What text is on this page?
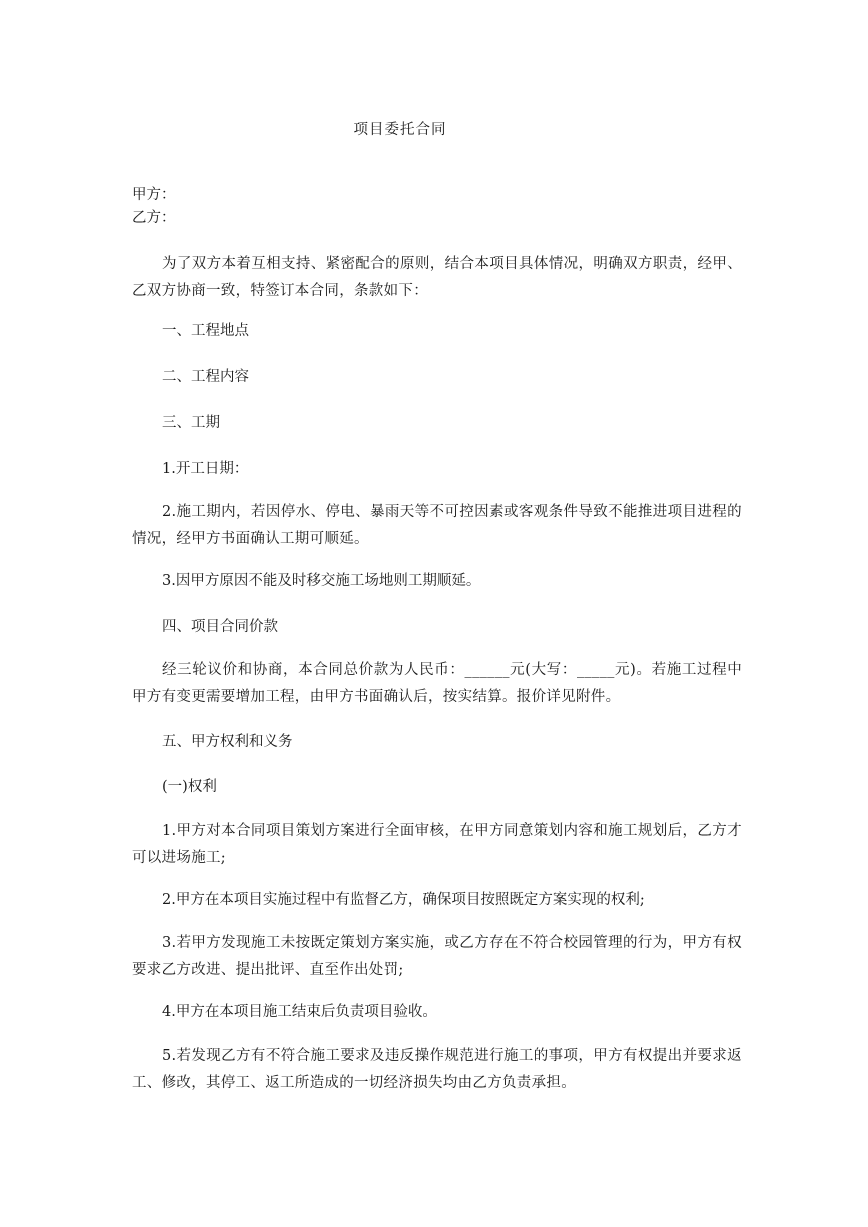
项目委托合同
甲方：
乙方：
为了双方本着互相支持、紧密配合的原则，结合本项目具体情况，明确双方职责，经甲、乙双方协商一致，特签订本合同，条款如下：
一、工程地点
二、工程内容
三、工期
1.开工日期：
2.施工期内，若因停水、停电、暴雨天等不可控因素或客观条件导致不能推进项目进程的情况，经甲方书面确认工期可顺延。
3.因甲方原因不能及时移交施工场地则工期顺延。
四、项目合同价款
经三轮议价和协商，本合同总价款为人民币：______元(大写：_____元)。若施工过程中甲方有变更需要增加工程，由甲方书面确认后，按实结算。报价详见附件。
五、甲方权利和义务
(一)权利
1.甲方对本合同项目策划方案进行全面审核，在甲方同意策划内容和施工规划后，乙方才可以进场施工;
2.甲方在本项目实施过程中有监督乙方，确保项目按照既定方案实现的权利;
3.若甲方发现施工未按既定策划方案实施，或乙方存在不符合校园管理的行为，甲方有权要求乙方改进、提出批评、直至作出处罚;
4.甲方在本项目施工结束后负责项目验收。
5.若发现乙方有不符合施工要求及违反操作规范进行施工的事项，甲方有权提出并要求返工、修改，其停工、返工所造成的一切经济损失均由乙方负责承担。
